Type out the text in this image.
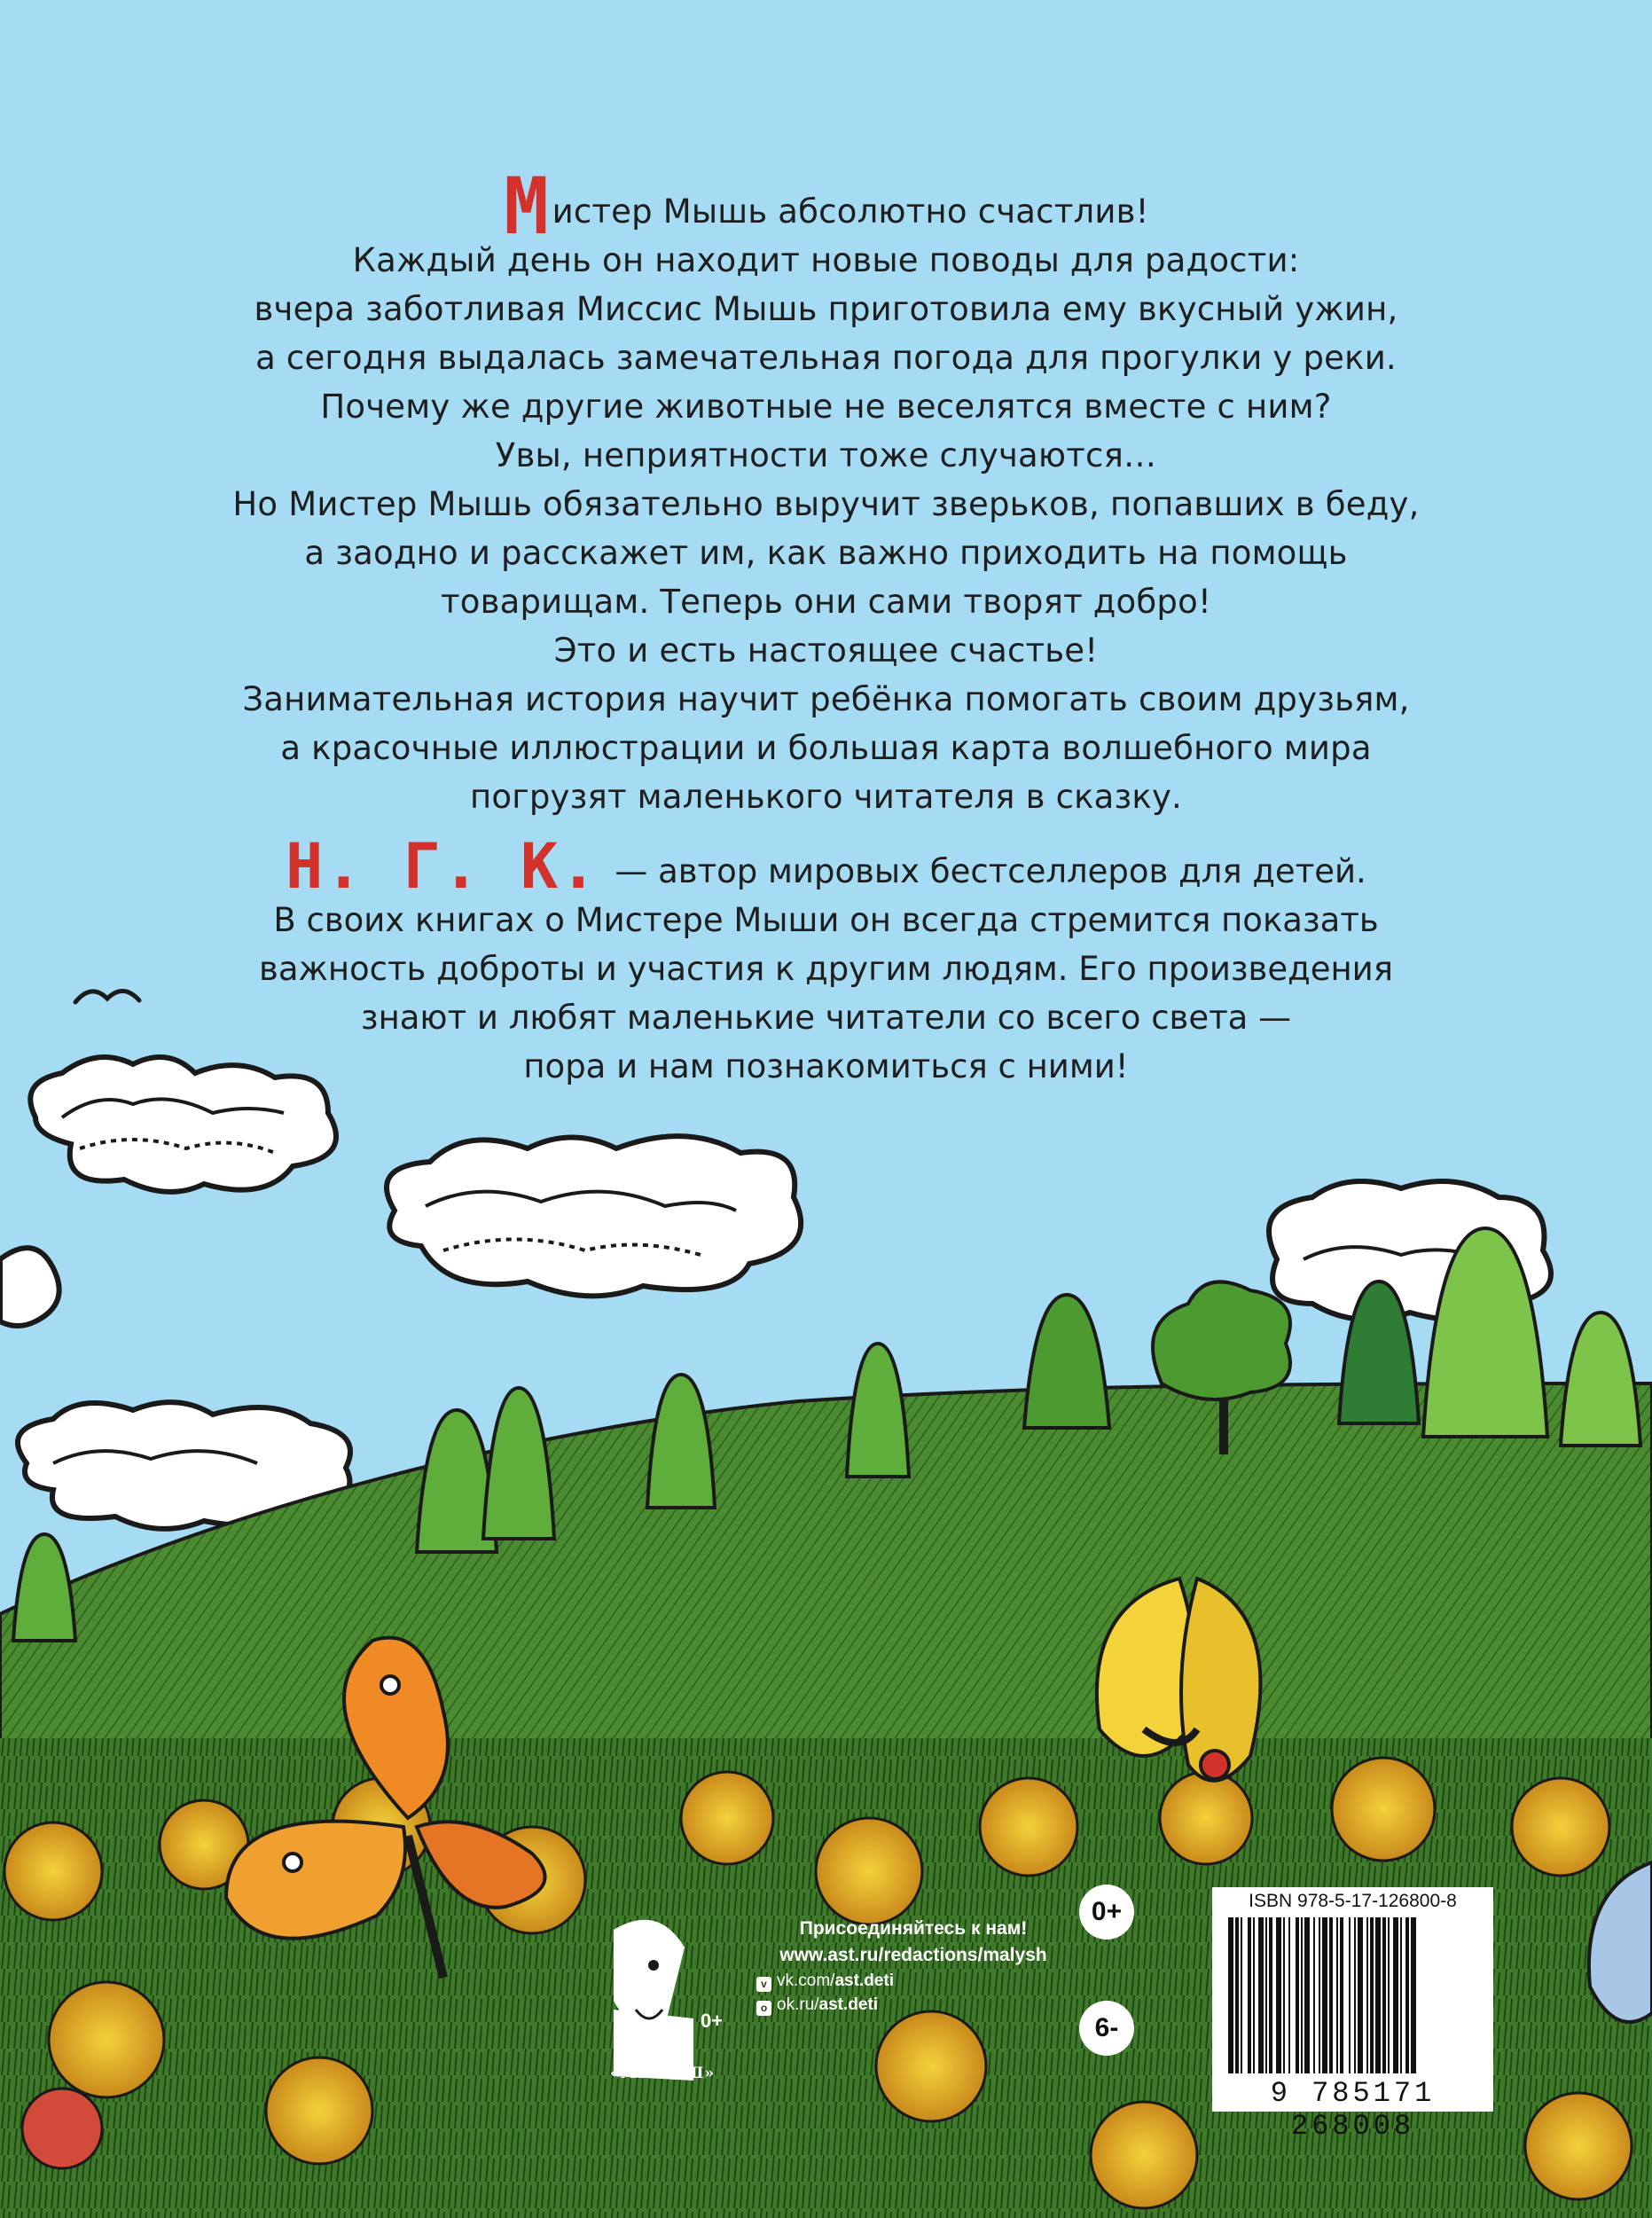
Мистер Мышь абсолютно счастлив!
Каждый день он находит новые поводы для радости:
вчера заботливая Миссис Мышь приготовила ему вкусный ужин,
а сегодня выдалась замечательная погода для прогулки у реки.
Почему же другие животные не веселятся вместе с ним?
Увы, неприятности тоже случаются…
Но Мистер Мышь обязательно выручит зверьков, попавших в беду,
а заодно и расскажет им, как важно приходить на помощь
товарищам. Теперь они сами творят добро!
Это и есть настоящее счастье!
Занимательная история научит ребёнка помогать своим друзьям,
а красочные иллюстрации и большая карта волшебного мира
погрузят маленького читателя в сказку.
Н. Г. К. — автор мировых бестселлеров для детей.
В своих книгах о Мистере Мыши он всегда стремится показать
важность доброты и участия к другим людям. Его произведения
знают и любят маленькие читатели со всего света —
пора и нам познакомиться с ними!
0+
«МАЛЫШ»
Присоединяйтесь к нам!
www.ast.ru/redactions/malysh
v vk.com/ast.deti
o ok.ru/ast.deti
0+
6-
ISBN 978-5-17-126800-8
9 785171 268008
